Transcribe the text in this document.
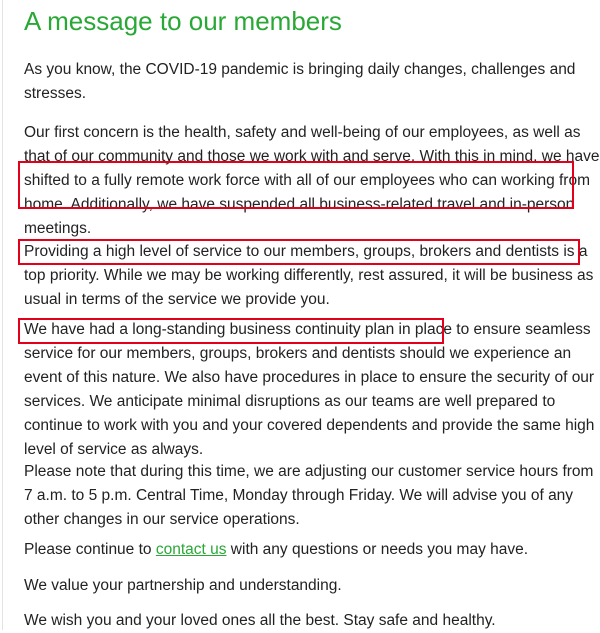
A message to our members

As you know, the COVID-19 pandemic is bringing daily changes, challenges and
stresses.

Our first concern is the health, safety and well-being of our employees, as well as
that of our community and those we work with and serve. With this in mind, we have
shifted to a fully remote work force with all of our employees who can working from
home. Additionally, we have suspended all business-related travel and in-person
meetings.

Providing a high level of service to our members, groups, brokers and dentists is a
top priority. While we may be working differently, rest assured, it will be business as
usual in terms of the service we provide you.

We have had a long-standing business continuity plan in place to ensure seamless
service for our members, groups, brokers and dentists should we experience an
event of this nature. We also have procedures in place to ensure the security of our
services. We anticipate minimal disruptions as our teams are well prepared to
continue to work with you and your covered dependents and provide the same high
level of service as always.

Please note that during this time, we are adjusting our customer service hours from
7 a.m. to 5 p.m. Central Time, Monday through Friday. We will advise you of any
other changes in our service operations.

Please continue to contact us with any questions or needs you may have.

We value your partnership and understanding.

We wish you and your loved ones all the best. Stay safe and healthy.
